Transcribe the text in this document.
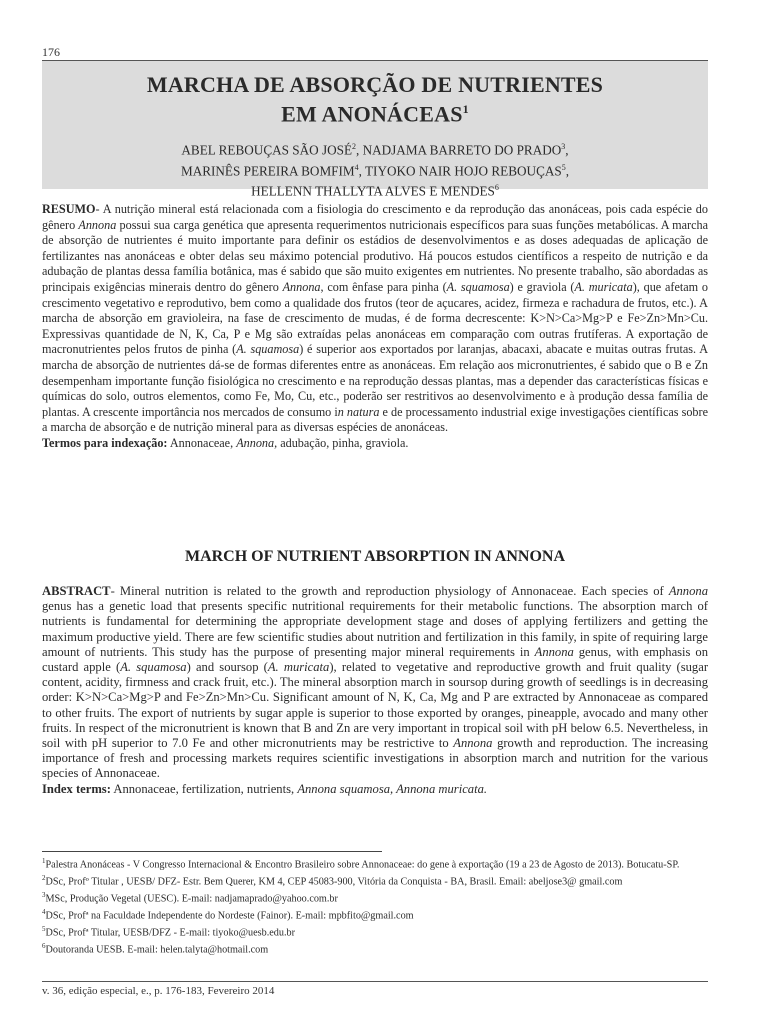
176
MARCHA DE ABSORÇÃO DE NUTRIENTES
EM ANONÁCEAS$^1$
ABEL REBOUÇAS SÃO JOSÉ$^2$, NADJAMA BARRETO DO PRADO$^3$,
MARINÊS PEREIRA BOMFIM$^4$, TIYOKO NAIR HOJO REBOUÇAS$^5$,
HELLENN THALLYTA ALVES E MENDES$^6$
RESUMO- A nutrição mineral está relacionada com a fisiologia do crescimento e da reprodução das anonáceas, pois cada espécie do gênero Annona possui sua carga genética que apresenta requerimentos nutricionais específicos para suas funções metabólicas. A marcha de absorção de nutrientes é muito importante para definir os estádios de desenvolvimentos e as doses adequadas de aplicação de fertilizantes nas anonáceas e obter delas seu máximo potencial produtivo. Há poucos estudos científicos a respeito de nutrição e da adubação de plantas dessa família botânica, mas é sabido que são muito exigentes em nutrientes. No presente trabalho, são abordadas as principais exigências minerais dentro do gênero Annona, com ênfase para pinha (A. squamosa) e graviola (A. muricata), que afetam o crescimento vegetativo e reprodutivo, bem como a qualidade dos frutos (teor de açucares, acidez, firmeza e rachadura de frutos, etc.). A marcha de absorção em gravioleira, na fase de crescimento de mudas, é de forma decrescente: K>N>Ca>Mg>P e Fe>Zn>Mn>Cu. Expressivas quantidade de N, K, Ca, P e Mg são extraídas pelas anonáceas em comparação com outras frutíferas. A exportação de macronutrientes pelos frutos de pinha (A. squamosa) é superior aos exportados por laranjas, abacaxi, abacate e muitas outras frutas. A marcha de absorção de nutrientes dá-se de formas diferentes entre as anonáceas. Em relação aos micronutrientes, é sabido que o B e Zn desempenham importante função fisiológica no crescimento e na reprodução dessas plantas, mas a depender das características físicas e químicas do solo, outros elementos, como Fe, Mo, Cu, etc., poderão ser restritivos ao desenvolvimento e à produção dessa família de plantas. A crescente importância nos mercados de consumo in natura e de processamento industrial exige investigações científicas sobre a marcha de absorção e de nutrição mineral para as diversas espécies de anonáceas.
Termos para indexação: Annonaceae, Annona, adubação, pinha, graviola.
MARCH OF NUTRIENT ABSORPTION IN ANNONA
ABSTRACT- Mineral nutrition is related to the growth and reproduction physiology of Annonaceae. Each species of Annona genus has a genetic load that presents specific nutritional requirements for their metabolic functions. The absorption march of nutrients is fundamental for determining the appropriate development stage and doses of applying fertilizers and getting the maximum productive yield. There are few scientific studies about nutrition and fertilization in this family, in spite of requiring large amount of nutrients. This study has the purpose of presenting major mineral requirements in Annona genus, with emphasis on custard apple (A. squamosa) and soursop (A. muricata), related to vegetative and reproductive growth and fruit quality (sugar content, acidity, firmness and crack fruit, etc.). The mineral absorption march in soursop during growth of seedlings is in decreasing order: K>N>Ca>Mg>P and Fe>Zn>Mn>Cu. Significant amount of N, K, Ca, Mg and P are extracted by Annonaceae as compared to other fruits. The export of nutrients by sugar apple is superior to those exported by oranges, pineapple, avocado and many other fruits. In respect of the micronutrient is known that B and Zn are very important in tropical soil with pH below 6.5. Nevertheless, in soil with pH superior to 7.0 Fe and other micronutrients may be restrictive to Annona growth and reproduction. The increasing importance of fresh and processing markets requires scientific investigations in absorption march and nutrition for the various species of Annonaceae.
Index terms: Annonaceae, fertilization, nutrients, Annona squamosa, Annona muricata.

$^1$Palestra Anonáceas - V Congresso Internacional & Encontro Brasileiro sobre Annonaceae: do gene à exportação (19 a 23 de Agosto de 2013). Botucatu-SP.

$^2$DSc, Profº Titular , UESB/ DFZ- Estr. Bem Querer, KM 4, CEP 45083-900, Vitória da Conquista - BA, Brasil. Email: abeljose3@ gmail.com

$^3$MSc, Produção Vegetal (UESC). E-mail: nadjamaprado@yahoo.com.br

$^4$DSc, Profª na Faculdade Independente do Nordeste (Fainor). E-mail: mpbfito@gmail.com

$^5$DSc, Profª Titular, UESB/DFZ - E-mail: tiyoko@uesb.edu.br

$^6$Doutoranda UESB. E-mail: helen.talyta@hotmail.com

v. 36, edição especial, e., p. 176-183, Fevereiro 2014
